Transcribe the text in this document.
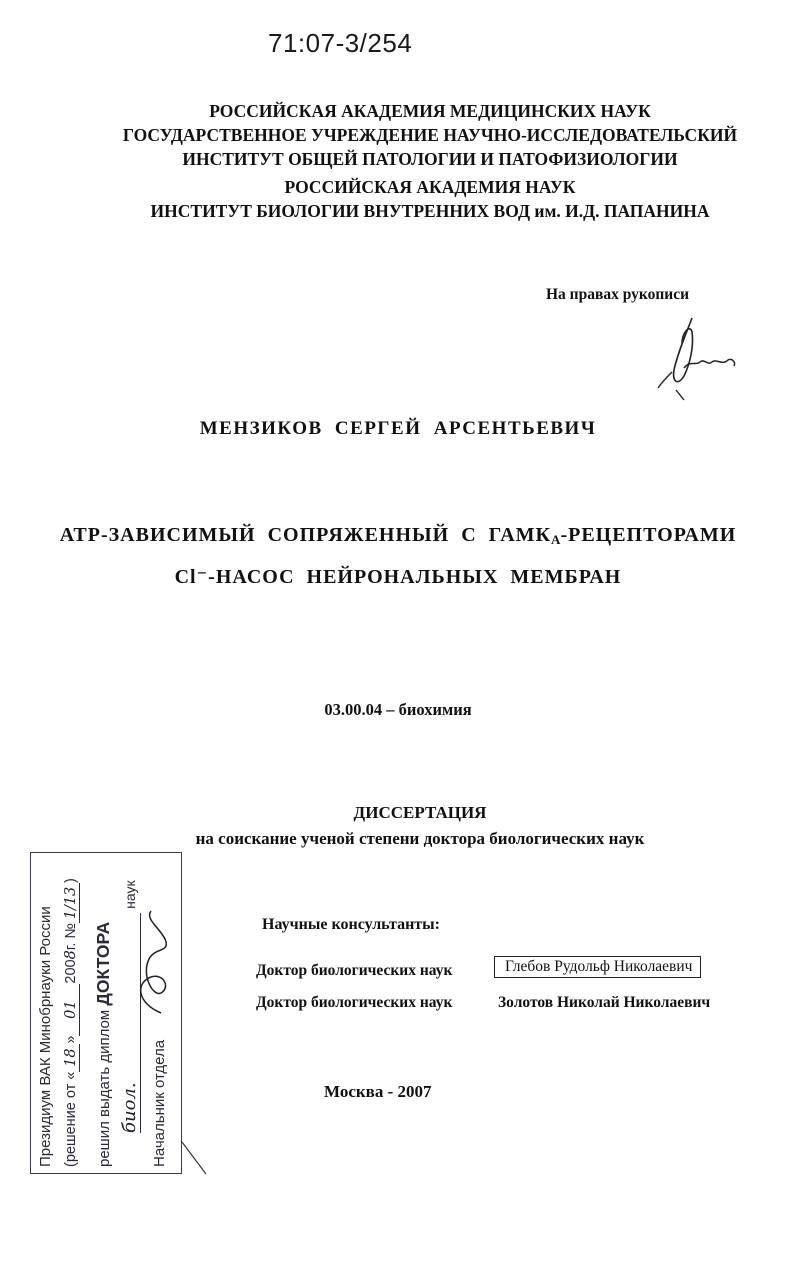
71:07-3/254
РОССИЙСКАЯ АКАДЕМИЯ МЕДИЦИНСКИХ НАУК
ГОСУДАРСТВЕННОЕ УЧРЕЖДЕНИЕ НАУЧНО-ИССЛЕДОВАТЕЛЬСКИЙ
ИНСТИТУТ ОБЩЕЙ ПАТОЛОГИИ И ПАТОФИЗИОЛОГИИ
РОССИЙСКАЯ АКАДЕМИЯ НАУК
ИНСТИТУТ БИОЛОГИИ ВНУТРЕННИХ ВОД им. И.Д. ПАПАНИНА
На правах рукописи
МЕНЗИКОВ СЕРГЕЙ АРСЕНТЬЕВИЧ
АТР-ЗАВИСИМЫЙ СОПРЯЖЕННЫЙ С $ГАМК_А$-РЕЦЕПТОРАМИ
Cl⁻-НАСОС НЕЙРОНАЛЬНЫХ МЕМБРАН
03.00.04 – биохимия
ДИССЕРТАЦИЯ
на соискание ученой степени доктора биологических наук
Научные консультанты:
Доктор биологических наук	Глебов Рудольф Николаевич
Доктор биологических наук	Золотов Николай Николаевич
Москва - 2007
Президиум ВАК Минобрнауки России (решение от «18»012008г. №1/13)
решил выдать диплом ДОКТОРА
биол. наук
Начальник отдела
